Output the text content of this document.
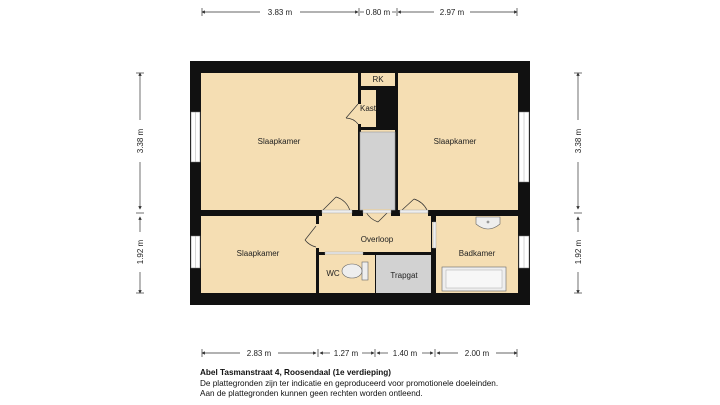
Slaapkamer
RK
Kast
Slaapkamer
Slaapkamer
Overloop
WC	Trapgat
Badkamer
3.83 m	0.80 m	2.97 m
2.83 m	1.27 m	1.40 m	2.00 m
3.38 m
1.92 m
3.38 m
1.92 m
Abel Tasmanstraat 4, Roosendaal (1e verdieping)
De plattegronden zijn ter indicatie en geproduceerd voor promotionele doeleinden.
Aan de plattegronden kunnen geen rechten worden ontleend.
